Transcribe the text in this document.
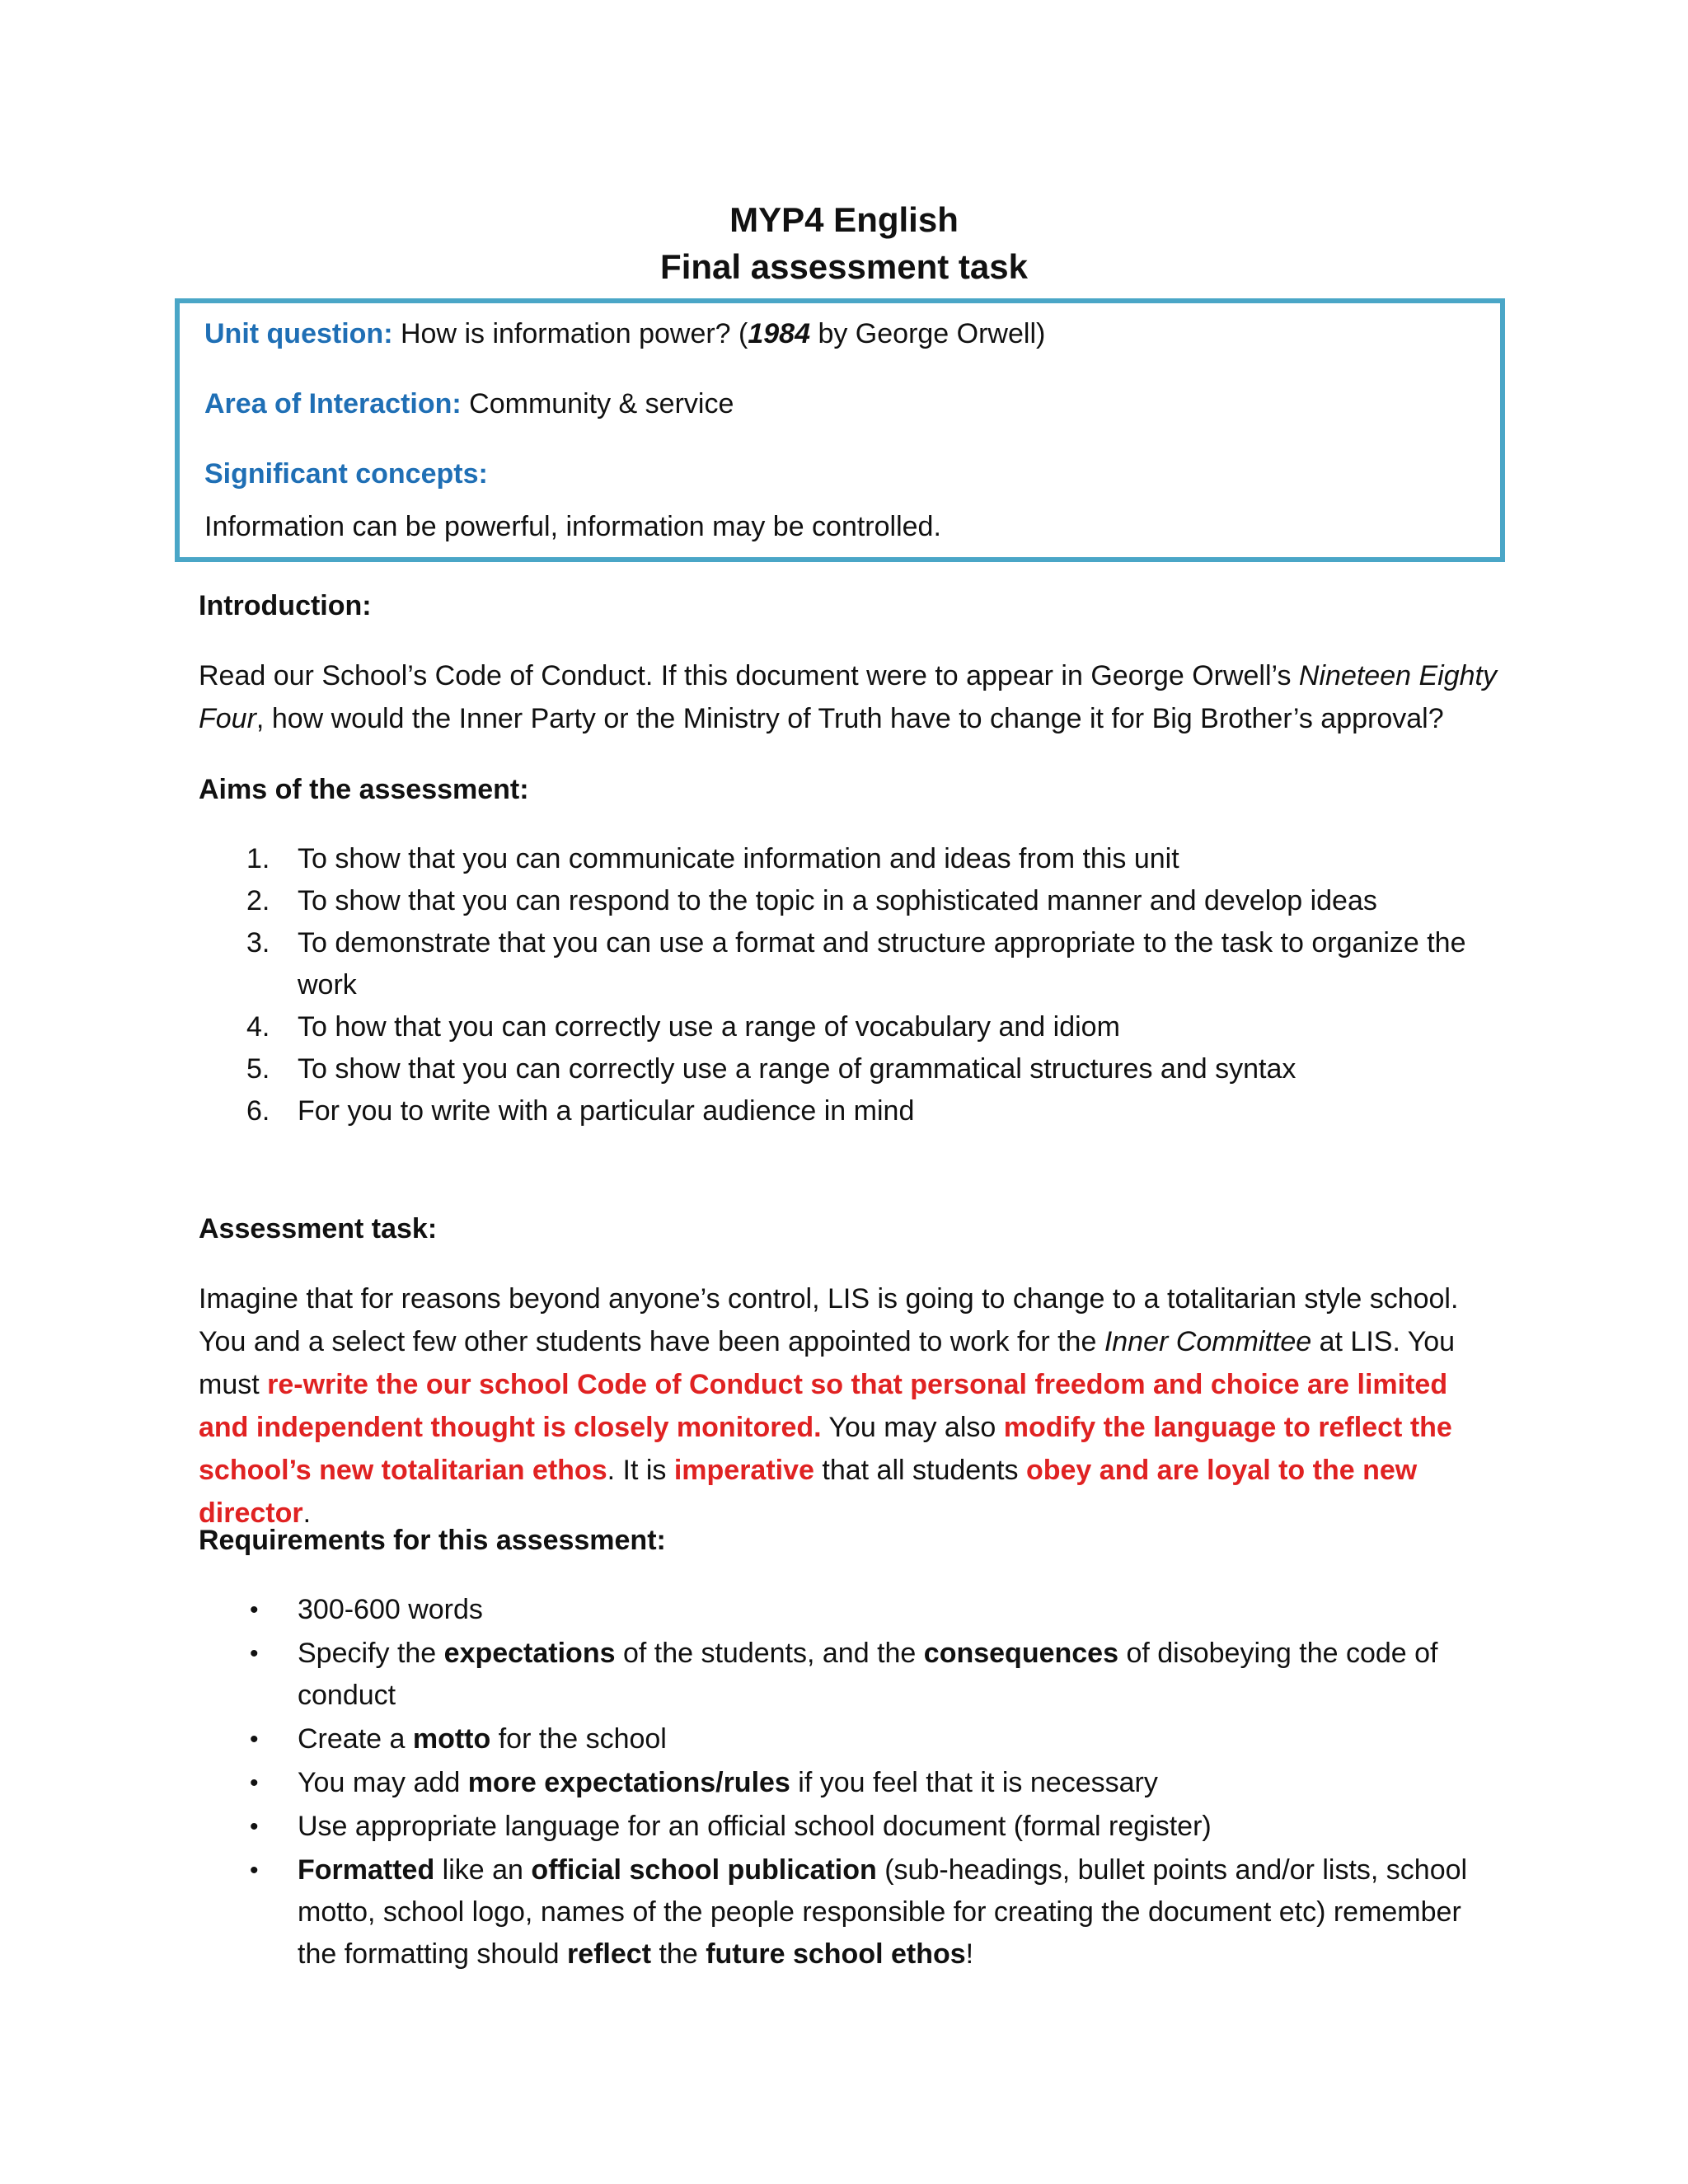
MYP4 English
Final assessment task
Unit question: How is information power? (1984 by George Orwell)
Area of Interaction: Community & service
Significant concepts:
Information can be powerful, information may be controlled.
Introduction:
Read our School’s Code of Conduct. If this document were to appear in George Orwell’s Nineteen Eighty Four, how would the Inner Party or the Ministry of Truth have to change it for Big Brother’s approval?
Aims of the assessment:
1. To show that you can communicate information and ideas from this unit
2. To show that you can respond to the topic in a sophisticated manner and develop ideas
3. To demonstrate that you can use a format and structure appropriate to the task to organize the work
4. To how that you can correctly use a range of vocabulary and idiom
5. To show that you can correctly use a range of grammatical structures and syntax
6. For you to write with a particular audience in mind
Assessment task:
Imagine that for reasons beyond anyone’s control, LIS is going to change to a totalitarian style school. You and a select few other students have been appointed to work for the Inner Committee at LIS. You must re-write the our school Code of Conduct so that personal freedom and choice are limited and independent thought is closely monitored. You may also modify the language to reflect the school’s new totalitarian ethos. It is imperative that all students obey and are loyal to the new director.
Requirements for this assessment:
• 300-600 words
• Specify the expectations of the students, and the consequences of disobeying the code of conduct
• Create a motto for the school
• You may add more expectations/rules if you feel that it is necessary
• Use appropriate language for an official school document (formal register)
• Formatted like an official school publication (sub-headings, bullet points and/or lists, school motto, school logo, names of the people responsible for creating the document etc) remember the formatting should reflect the future school ethos!
